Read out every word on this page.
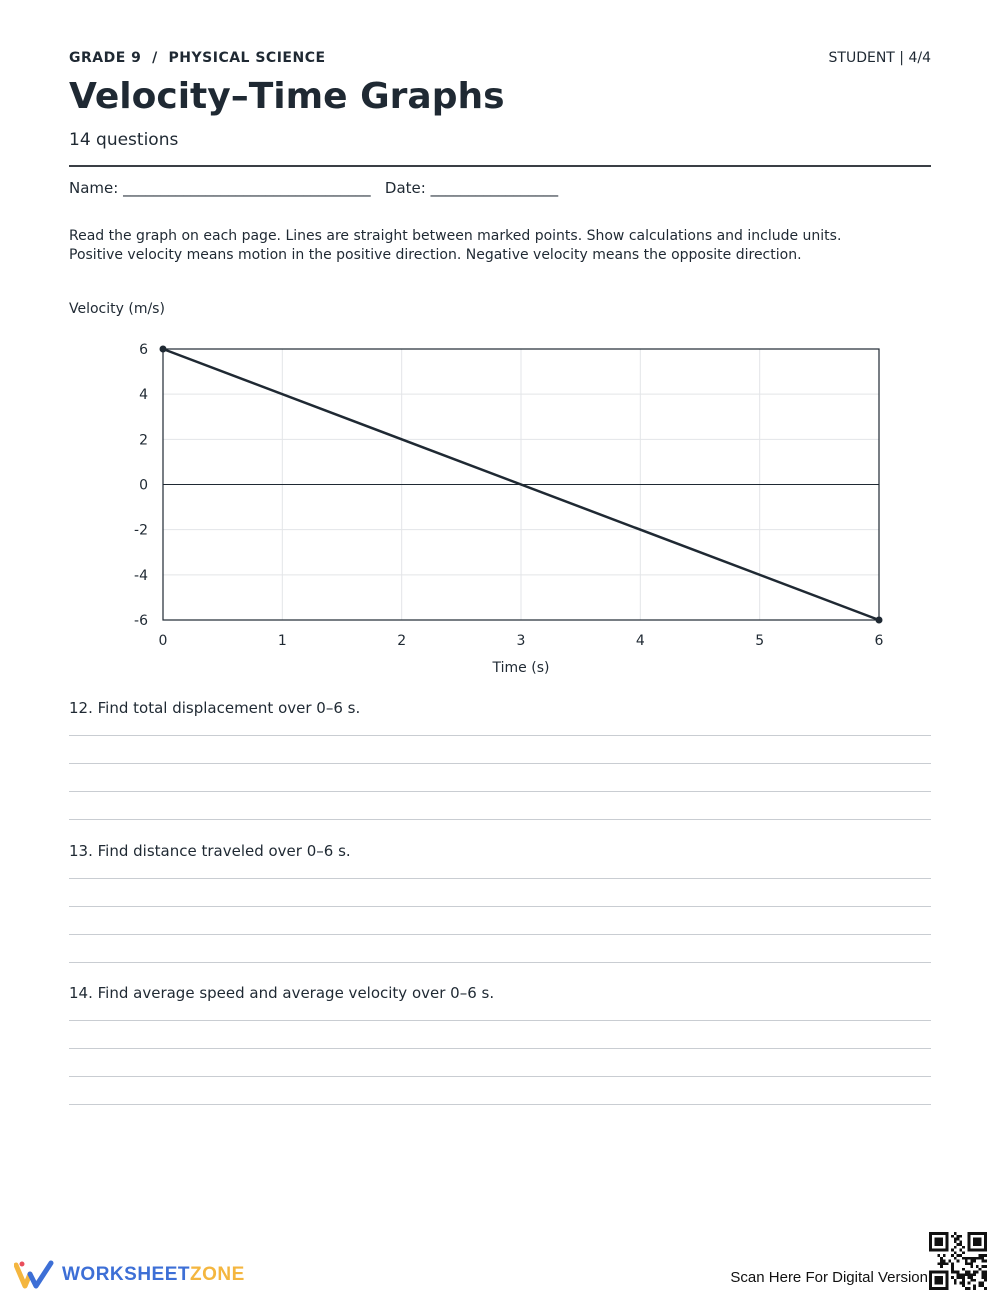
GRADE 9 / PHYSICAL SCIENCE	STUDENT | 4/4
Velocity–Time Graphs
14 questions
Name: _________________________________ Date: _________________
Read the graph on each page. Lines are straight between marked points. Show calculations and include units.
Positive velocity means motion in the positive direction. Negative velocity means the opposite direction.
Velocity (m/s)
6
4
2
0
-2
-4
-6
0	1	2	3	4	5	6
Time (s)
12. Find total displacement over 0–6 s.
13. Find distance traveled over 0–6 s.
14. Find average speed and average velocity over 0–6 s.
WORKSHEETZONE	Scan Here For Digital Version
